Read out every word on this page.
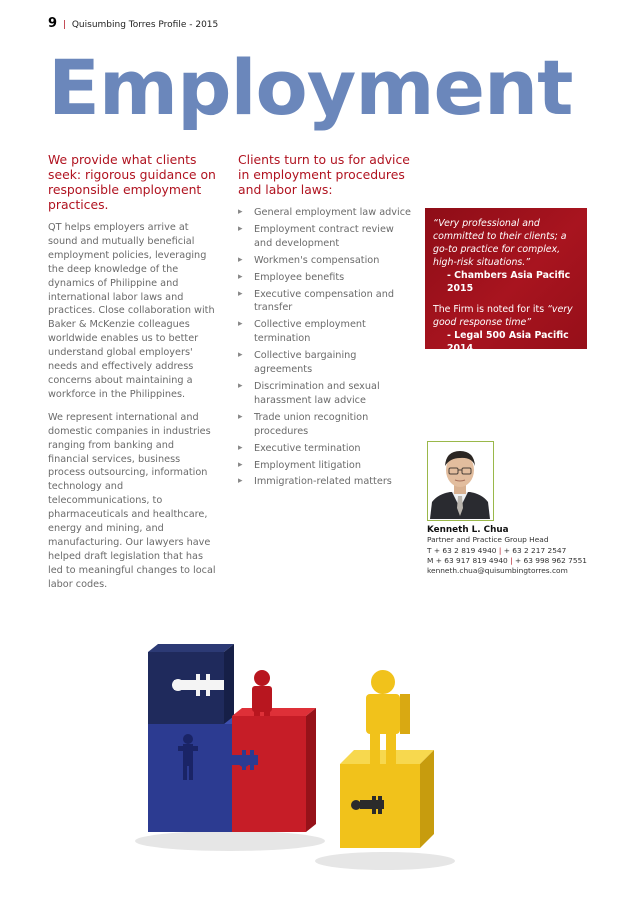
9 | Quisumbing Torres Profile - 2015
Employment

We provide what clients seek: rigorous guidance on responsible employment practices.

QT helps employers arrive at sound and mutually beneficial employment policies, leveraging the deep knowledge of the dynamics of Philippine and international labor laws and practices. Close collaboration with Baker & McKenzie colleagues worldwide enables us to better understand global employers' needs and effectively address concerns about maintaining a workforce in the Philippines.

We represent international and domestic companies in industries ranging from banking and financial services, business process outsourcing, information technology and telecommunications, to pharmaceuticals and healthcare, energy and mining, and manufacturing. Our lawyers have helped draft legislation that has led to meaningful changes to local labor codes.

Clients turn to us for advice in employment procedures and labor laws:

▸ General employment law advice
▸ Employment contract review and development
▸ Workmen's compensation
▸ Employee benefits
▸ Executive compensation and transfer
▸ Collective employment termination
▸ Collective bargaining agreements
▸ Discrimination and sexual harassment law advice
▸ Trade union recognition procedures
▸ Executive termination
▸ Employment litigation
▸ Immigration-related matters

“Very professional and committed to their clients; a go-to practice for complex, high-risk situations.”

- Chambers Asia Pacific 2015

The Firm is noted for its “very good response time”

- Legal 500 Asia Pacific 2014

Kenneth L. Chua

Partner and Practice Group Head

T + 63 2 819 4940 | + 63 2 217 2547

M + 63 917 819 4940 | + 63 998 962 7551

kenneth.chua@quisumbingtorres.com
